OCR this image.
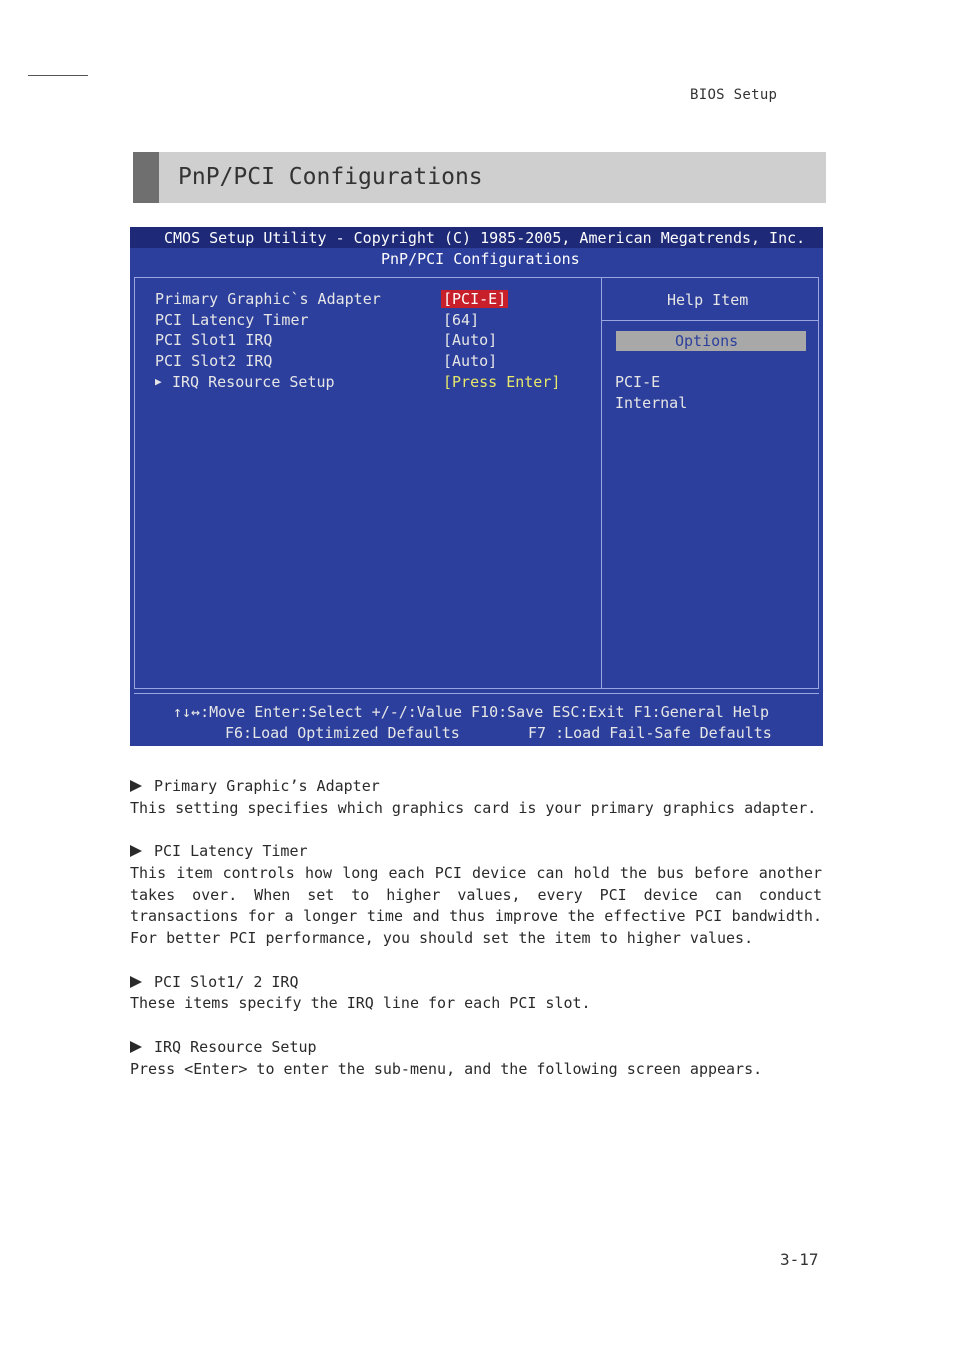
BIOS Setup
PnP/PCI Configurations
CMOS Setup Utility - Copyright (C) 1985-2005, American Megatrends, Inc.
PnP/PCI Configurations
Primary Graphic`s Adapter	[PCI-E]
PCI Latency Timer	[64]
PCI Slot1 IRQ	[Auto]
PCI Slot2 IRQ	[Auto]
▶ IRQ Resource Setup	[Press Enter]
Help Item
Options
PCI-E
Internal
↑↓↔:Move Enter:Select +/-/:Value F10:Save ESC:Exit F1:General Help
F6:Load Optimized Defaults	F7 :Load Fail-Safe Defaults
Primary Graphic’s Adapter
This setting specifies which graphics card is your primary graphics adapter.
PCI Latency Timer
This item controls how long each PCI device can hold the bus before another takes over. When set to higher values, every PCI device can conduct transactions for a longer time and thus improve the effective PCI bandwidth. For better PCI performance, you should set the item to higher values.
PCI Slot1/ 2 IRQ
These items specify the IRQ line for each PCI slot.
IRQ Resource Setup
Press <Enter> to enter the sub-menu, and the following screen appears.
3-17
